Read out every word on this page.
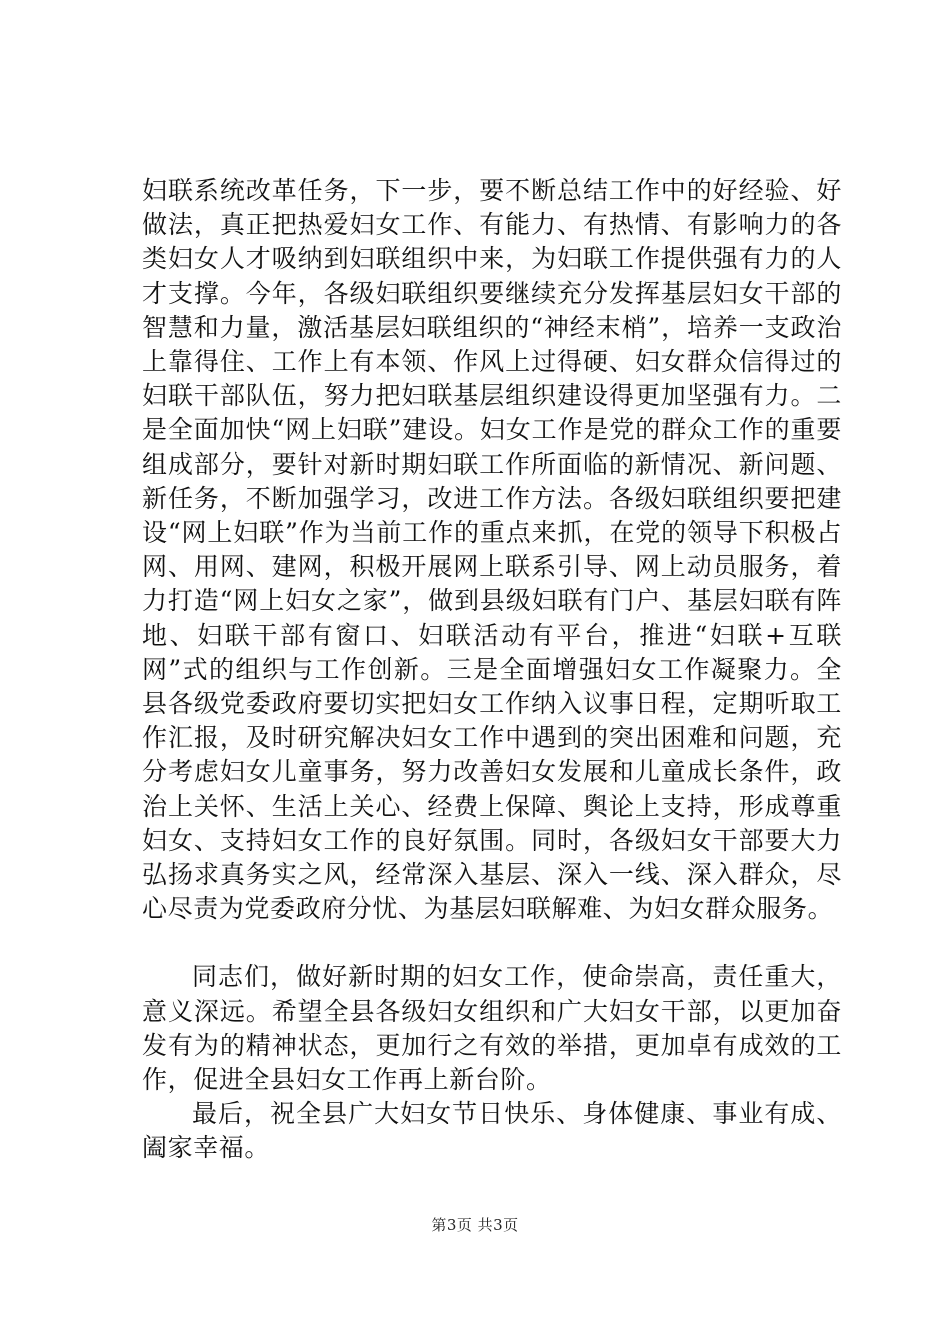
妇联系统改革任务，下一步，要不断总结工作中的好经验、好做法，真正把热爱妇女工作、有能力、有热情、有影响力的各类妇女人才吸纳到妇联组织中来，为妇联工作提供强有力的人才支撑。今年，各级妇联组织要继续充分发挥基层妇女干部的智慧和力量，激活基层妇联组织的“神经末梢”，培养一支政治上靠得住、工作上有本领、作风上过得硬、妇女群众信得过的妇联干部队伍，努力把妇联基层组织建设得更加坚强有力。二是全面加快“网上妇联”建设。妇女工作是党的群众工作的重要组成部分，要针对新时期妇联工作所面临的新情况、新问题、新任务，不断加强学习，改进工作方法。各级妇联组织要把建设“网上妇联”作为当前工作的重点来抓，在党的领导下积极占网、用网、建网，积极开展网上联系引导、网上动员服务，着力打造“网上妇女之家”，做到县级妇联有门户、基层妇联有阵地、妇联干部有窗口、妇联活动有平台，推进“妇联+互联网”式的组织与工作创新。三是全面增强妇女工作凝聚力。全县各级党委政府要切实把妇女工作纳入议事日程，定期听取工作汇报，及时研究解决妇女工作中遇到的突出困难和问题，充分考虑妇女儿童事务，努力改善妇女发展和儿童成长条件，政治上关怀、生活上关心、经费上保障、舆论上支持，形成尊重妇女、支持妇女工作的良好氛围。同时，各级妇女干部要大力弘扬求真务实之风，经常深入基层、深入一线、深入群众，尽心尽责为党委政府分忧、为基层妇联解难、为妇女群众服务。

同志们，做好新时期的妇女工作，使命崇高，责任重大，意义深远。希望全县各级妇女组织和广大妇女干部，以更加奋发有为的精神状态，更加行之有效的举措，更加卓有成效的工作，促进全县妇女工作再上新台阶。

最后，祝全县广大妇女节日快乐、身体健康、事业有成、阖家幸福。

第3页 共3页
